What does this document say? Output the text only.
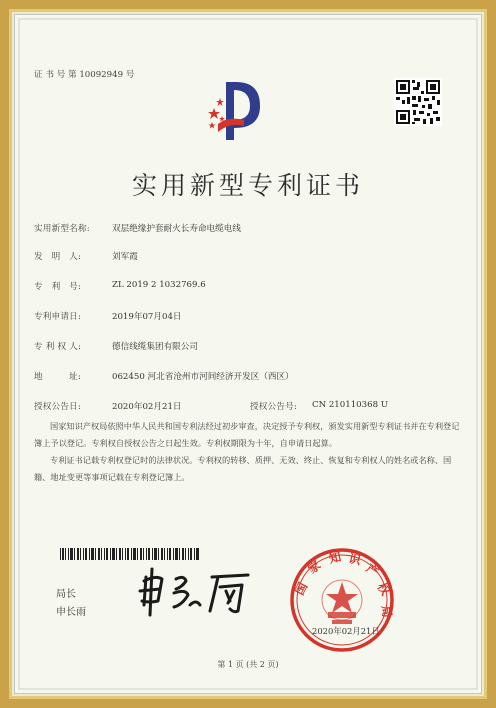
证 书 号 第 10092949 号
实用新型专利证书
实用新型名称:	双层绝缘护套耐火长寿命电缆电线
发　明　人:	刘军霞
专　利　号:	ZL 2019 2 1032769.6
专利申请日:	2019年07月04日
专 利 权 人:	德信线缆集团有限公司
地　　　址:	062450 河北省沧州市河间经济开发区（西区）
授权公告日:	2020年02月21日	授权公告号: CN 210110368 U

国家知识产权局依照中华人民共和国专利法经过初步审查，决定授予专利权，颁发实用新型专利证书并在专利登记簿上予以登记。专利权自授权公告之日起生效。专利权期限为十年，自申请日起算。

专利证书记载专利权登记时的法律状况。专利权的转移、质押、无效、终止、恢复和专利权人的姓名或名称、国籍、地址变更等事项记载在专利登记簿上。

局长
申长雨
国
家
知 识
产
权
局
2020年02月21日
第 1 页 (共 2 页)
